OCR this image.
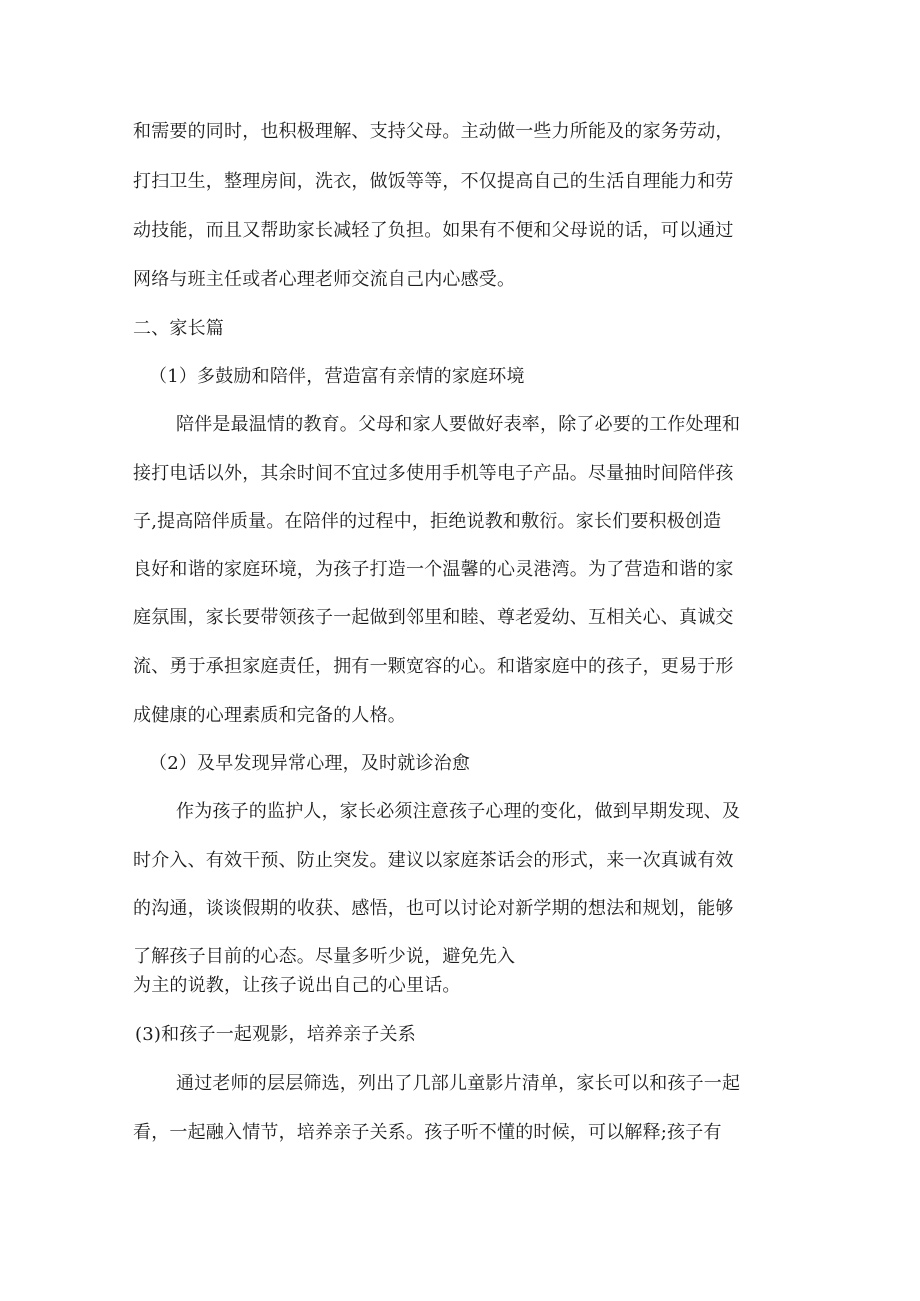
和需要的同时，也积极理解、支持父母。主动做一些力所能及的家务劳动，
打扫卫生，整理房间，洗衣，做饭等等，不仅提高自己的生活自理能力和劳
动技能，而且又帮助家长减轻了负担。如果有不便和父母说的话，可以通过
网络与班主任或者心理老师交流自己内心感受。
二、家长篇
（1）多鼓励和陪伴，营造富有亲情的家庭环境
陪伴是最温情的教育。父母和家人要做好表率，除了必要的工作处理和
接打电话以外，其余时间不宜过多使用手机等电子产品。尽量抽时间陪伴孩
子,提高陪伴质量。在陪伴的过程中，拒绝说教和敷衍。家长们要积极创造
良好和谐的家庭环境，为孩子打造一个温馨的心灵港湾。为了营造和谐的家
庭氛围，家长要带领孩子一起做到邻里和睦、尊老爱幼、互相关心、真诚交
流、勇于承担家庭责任，拥有一颗宽容的心。和谐家庭中的孩子，更易于形
成健康的心理素质和完备的人格。
（2）及早发现异常心理，及时就诊治愈
作为孩子的监护人，家长必须注意孩子心理的变化，做到早期发现、及
时介入、有效干预、防止突发。建议以家庭茶话会的形式，来一次真诚有效
的沟通，谈谈假期的收获、感悟，也可以讨论对新学期的想法和规划，能够
了解孩子目前的心态。尽量多听少说，避免先入
为主的说教，让孩子说出自己的心里话。
(3)和孩子一起观影，培养亲子关系
通过老师的层层筛选，列出了几部儿童影片清单，家长可以和孩子一起
看，一起融入情节，培养亲子关系。孩子听不懂的时候，可以解释;孩子有
